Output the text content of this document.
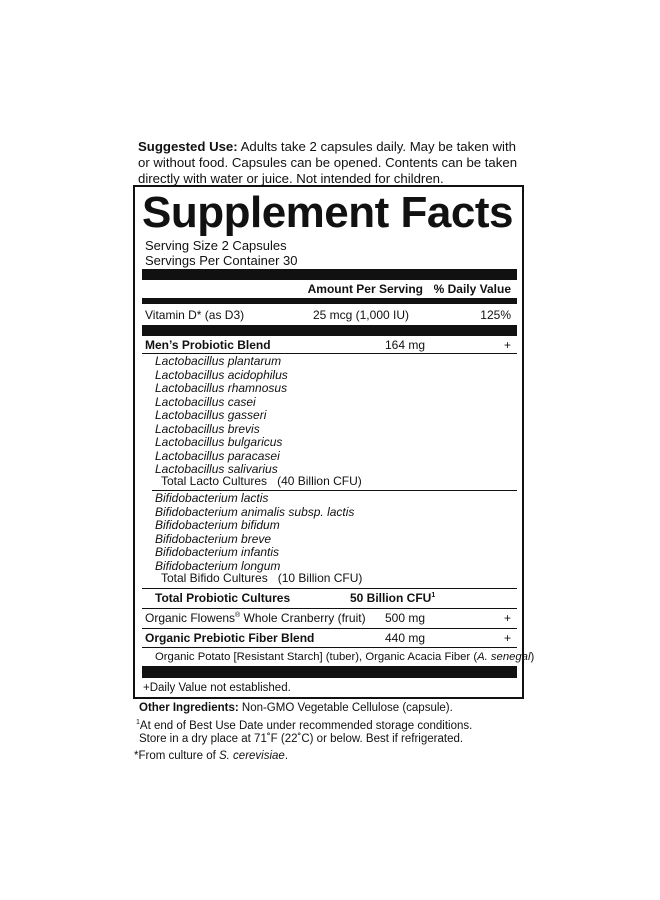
Suggested Use: Adults take 2 capsules daily. May be taken with or without food. Capsules can be opened. Contents can be taken directly with water or juice. Not intended for children.
Supplement Facts
Serving Size 2 Capsules
Servings Per Container 30
Amount Per Serving % Daily Value
Vitamin D* (as D3)	25 mcg (1,000 IU)	125%
Men’s Probiotic Blend	164 mg	+
Lactobacillus plantarum
Lactobacillus acidophilus
Lactobacillus rhamnosus
Lactobacillus casei
Lactobacillus gasseri
Lactobacillus brevis
Lactobacillus bulgaricus
Lactobacillus paracasei
Lactobacillus salivarius
Total Lacto Cultures (40 Billion CFU)
Bifidobacterium lactis
Bifidobacterium animalis subsp. lactis
Bifidobacterium bifidum
Bifidobacterium breve
Bifidobacterium infantis
Bifidobacterium longum
Total Bifido Cultures (10 Billion CFU)
Total Probiotic Cultures	50 Billion CFU$^1$
Organic Flowens® Whole Cranberry (fruit) 500 mg	+
Organic Prebiotic Fiber Blend	440 mg	+
Organic Potato [Resistant Starch] (tuber), Organic Acacia Fiber (A. senegal)
+Daily Value not established.
Other Ingredients: Non-GMO Vegetable Cellulose (capsule).
$^1$At end of Best Use Date under recommended storage conditions.
Store in a dry place at 71˚F (22˚C) or below. Best if refrigerated.
*From culture of S. cerevisiae.
